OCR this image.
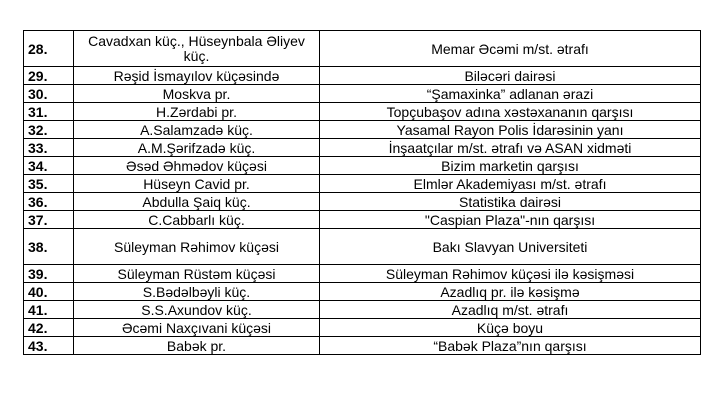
28.	Cavadxan küç., Hüseynbala Əliyev küç.	Memar Əcəmi m/st. ətrafı
29.	Rəşid İsmayılov küçəsində	Biləcəri dairəsi
30.	Moskva pr.	“Şamaxinka” adlanan ərazi
31.	H.Zərdabi pr.	Topçubaşov adına xəstəxananın qarşısı
32.	A.Salamzadə küç.	Yasamal Rayon Polis İdarəsinin yanı
33.	A.M.Şərifzadə küç.	İnşaatçılar m/st. ətrafı və ASAN xidməti
34.	Əsəd Əhmədov küçəsi	Bizim marketin qarşısı
35.	Hüseyn Cavid pr.	Elmlər Akademiyası m/st. ətrafı
36.	Abdulla Şaiq küç.	Statistika dairəsi
37.	C.Cabbarlı küç.	"Caspian Plaza"-nın qarşısı
38.	Süleyman Rəhimov küçəsi	Bakı Slavyan Universiteti
39.	Süleyman Rüstəm küçəsi	Süleyman Rəhimov küçəsi ilə kəsişməsi
40.	S.Bədəlbəyli küç.	Azadlıq pr. ilə kəsişmə
41.	S.S.Axundov küç.	Azadlıq m/st. ətrafı
42.	Əcəmi Naxçıvani küçəsi	Küçə boyu
43.	Babək pr.	“Babək Plaza”nın qarşısı
